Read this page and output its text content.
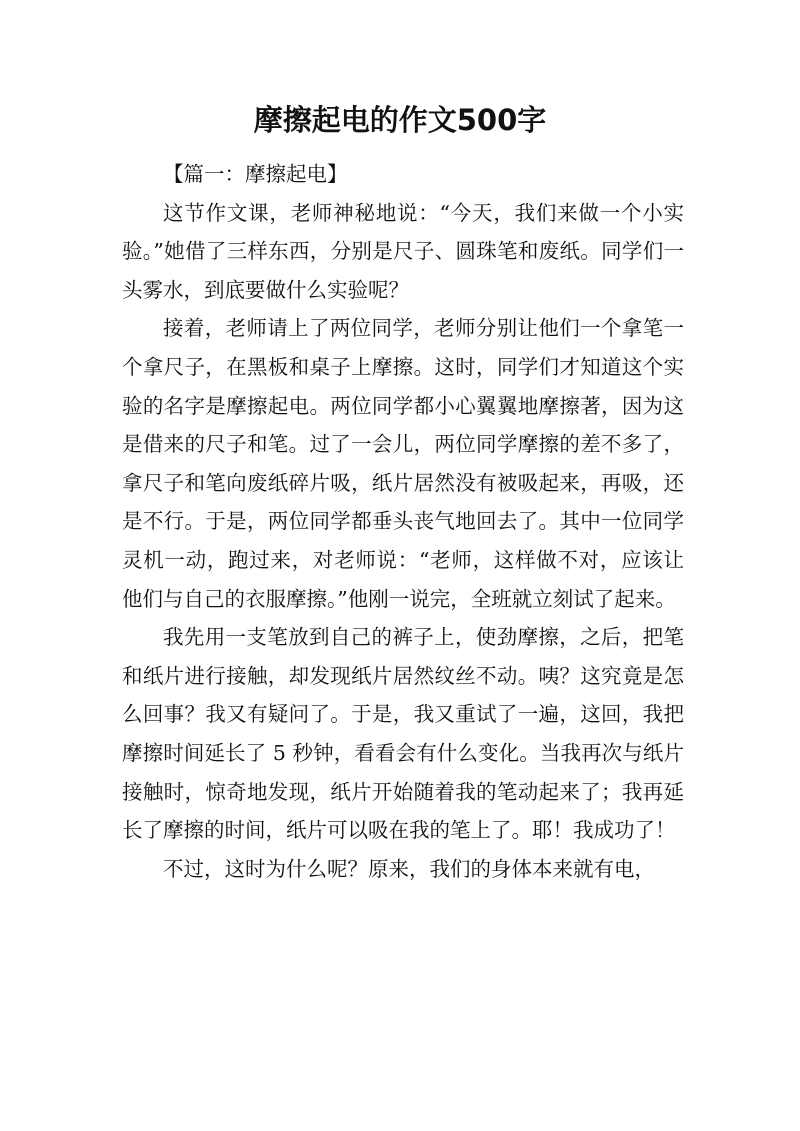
摩擦起电的作文500字

【篇一：摩擦起电】

这节作文课，老师神秘地说：“今天，我们来做一个小实验。”她借了三样东西，分别是尺子、圆珠笔和废纸。同学们一头雾水，到底要做什么实验呢？

接着，老师请上了两位同学，老师分别让他们一个拿笔一个拿尺子，在黑板和桌子上摩擦。这时，同学们才知道这个实验的名字是摩擦起电。两位同学都小心翼翼地摩擦著，因为这是借来的尺子和笔。过了一会儿，两位同学摩擦的差不多了，拿尺子和笔向废纸碎片吸，纸片居然没有被吸起来，再吸，还是不行。于是，两位同学都垂头丧气地回去了。其中一位同学灵机一动，跑过来，对老师说：“老师，这样做不对，应该让他们与自己的衣服摩擦。”他刚一说完，全班就立刻试了起来。

我先用一支笔放到自己的裤子上，使劲摩擦，之后，把笔和纸片进行接触，却发现纸片居然纹丝不动。咦？这究竟是怎么回事？我又有疑问了。于是，我又重试了一遍，这回，我把摩擦时间延长了 5 秒钟，看看会有什么变化。当我再次与纸片接触时，惊奇地发现，纸片开始随着我的笔动起来了；我再延长了摩擦的时间，纸片可以吸在我的笔上了。耶！我成功了！

不过，这时为什么呢？原来，我们的身体本来就有电，
